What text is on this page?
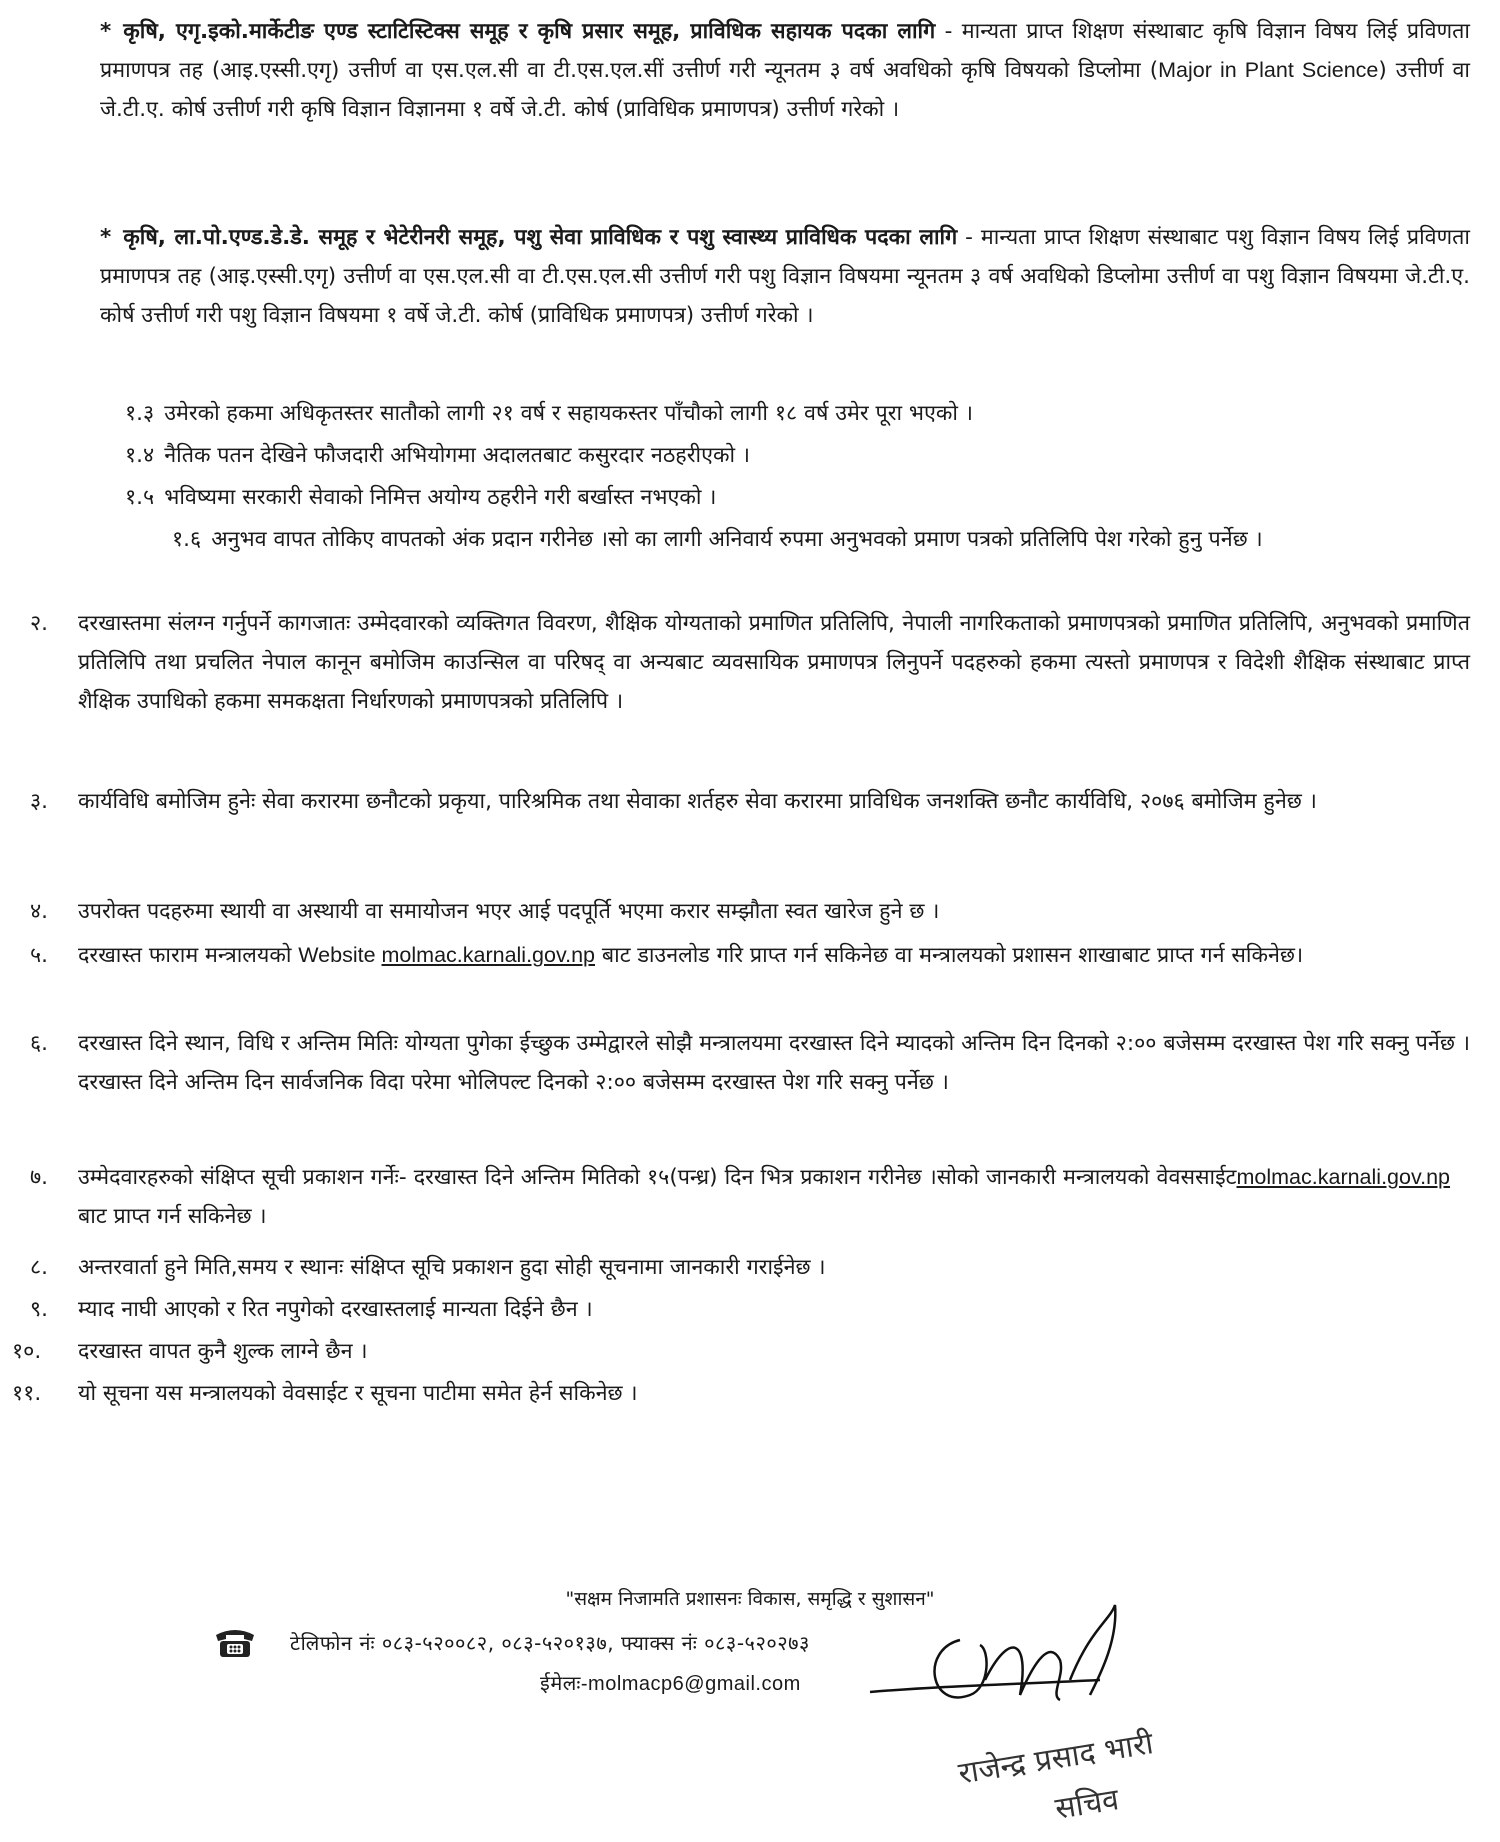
* कृषि, एगृ.इको.मार्केटीङ एण्ड स्टाटिस्टिक्स समूह र कृषि प्रसार समूह, प्राविधिक सहायक पदका लागि - मान्यता प्राप्त शिक्षण संस्थाबाट कृषि विज्ञान विषय लिई प्रविणता प्रमाणपत्र तह (आइ.एस्सी.एगृ) उत्तीर्ण वा एस.एल.सी वा टी.एस.एल.सीं उत्तीर्ण गरी न्यूनतम ३ वर्ष अवधिको कृषि विषयको डिप्लोमा (Major in Plant Science) उत्तीर्ण वा जे.टी.ए. कोर्ष उत्तीर्ण गरी कृषि विज्ञान विज्ञानमा १ वर्षे जे.टी. कोर्ष (प्राविधिक प्रमाणपत्र) उत्तीर्ण गरेको ।
* कृषि, ला.पो.एण्ड.डे.डे. समूह र भेटेरीनरी समूह, पशु सेवा प्राविधिक र पशु स्वास्थ्य प्राविधिक पदका लागि - मान्यता प्राप्त शिक्षण संस्थाबाट पशु विज्ञान विषय लिई प्रविणता प्रमाणपत्र तह (आइ.एस्सी.एगृ) उत्तीर्ण वा एस.एल.सी वा टी.एस.एल.सी उत्तीर्ण गरी पशु विज्ञान विषयमा न्यूनतम ३ वर्ष अवधिको डिप्लोमा उत्तीर्ण वा पशु विज्ञान विषयमा जे.टी.ए. कोर्ष उत्तीर्ण गरी पशु विज्ञान विषयमा १ वर्षे जे.टी. कोर्ष (प्राविधिक प्रमाणपत्र) उत्तीर्ण गरेको ।
१.३ उमेरको हकमा अधिकृतस्तर सातौको लागी २१ वर्ष र सहायकस्तर पाँचौको लागी १८ वर्ष उमेर पूरा भएको ।
१.४ नैतिक पतन देखिने फौजदारी अभियोगमा अदालतबाट कसुरदार नठहरीएको ।
१.५ भविष्यमा सरकारी सेवाको निमित्त अयोग्य ठहरीने गरी बर्खास्त नभएको ।
१.६ अनुभव वापत तोकिए वापतको अंक प्रदान गरीनेछ ।सो का लागी अनिवार्य रुपमा अनुभवको प्रमाण पत्रको प्रतिलिपि पेश गरेको हुनु पर्नेछ ।
२. दरखास्तमा संलग्न गर्नुपर्ने कागजातः उम्मेदवारको व्यक्तिगत विवरण, शैक्षिक योग्यताको प्रमाणित प्रतिलिपि, नेपाली नागरिकताको प्रमाणपत्रको प्रमाणित प्रतिलिपि, अनुभवको प्रमाणित प्रतिलिपि तथा प्रचलित नेपाल कानून बमोजिम काउन्सिल वा परिषद् वा अन्यबाट व्यवसायिक प्रमाणपत्र लिनुपर्ने पदहरुको हकमा त्यस्तो प्रमाणपत्र र विदेशी शैक्षिक संस्थाबाट प्राप्त शैक्षिक उपाधिको हकमा समकक्षता निर्धारणको प्रमाणपत्रको प्रतिलिपि ।
३. कार्यविधि बमोजिम हुनेः सेवा करारमा छनौटको प्रकृया, पारिश्रमिक तथा सेवाका शर्तहरु सेवा करारमा प्राविधिक जनशक्ति छनौट कार्यविधि, २०७६ बमोजिम हुनेछ ।
४. उपरोक्त पदहरुमा स्थायी वा अस्थायी वा समायोजन भएर आई पदपूर्ति भएमा करार सम्झौता स्वत खारेज हुने छ ।
५. दरखास्त फाराम मन्त्रालयको Website molmac.karnali.gov.np बाट डाउनलोड गरि प्राप्त गर्न सकिनेछ वा मन्त्रालयको प्रशासन शाखाबाट प्राप्त गर्न सकिनेछ।
६. दरखास्त दिने स्थान, विधि र अन्तिम मितिः योग्यता पुगेका ईच्छुक उम्मेद्वारले सोझै मन्त्रालयमा दरखास्त दिने म्यादको अन्तिम दिन दिनको २:०० बजेसम्म दरखास्त पेश गरि सक्नु पर्नेछ ।दरखास्त दिने अन्तिम दिन सार्वजनिक विदा परेमा भोलिपल्ट दिनको २:०० बजेसम्म दरखास्त पेश गरि सक्नु पर्नेछ ।
७. उम्मेदवारहरुको संक्षिप्त सूची प्रकाशन गर्नेः- दरखास्त दिने अन्तिम मितिको १५(पन्ध्र) दिन भित्र प्रकाशन गरीनेछ ।सोको जानकारी मन्त्रालयको वेवससाईटmolmac.karnali.gov.np बाट प्राप्त गर्न सकिनेछ ।
८. अन्तरवार्ता हुने मिति,समय र स्थानः संक्षिप्त सूचि प्रकाशन हुदा सोही सूचनामा जानकारी गराईनेछ ।
९. म्याद नाघी आएको र रित नपुगेको दरखास्तलाई मान्यता दिईने छैन ।
१०. दरखास्त वापत कुनै शुल्क लाग्ने छैन ।
११. यो सूचना यस मन्त्रालयको वेवसाईट र सूचना पाटीमा समेत हेर्न सकिनेछ ।
"सक्षम निजामति प्रशासनः विकास, समृद्धि र सुशासन"
टेलिफोन नंः ०८३-५२००८२, ०८३-५२०१३७, फ्याक्स नंः ०८३-५२०२७३
ईमेलः-molmacp6@gmail.com
राजेन्द्र प्रसाद भारी
सचिव
